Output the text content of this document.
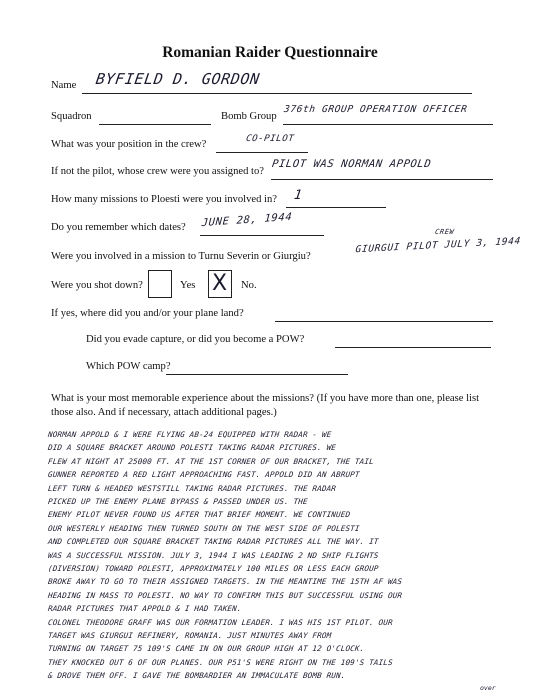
Romanian Raider Questionnaire
Name BYFIELD D. GORDON
Squadron	Bomb Group
376th GROUP OPERATION OFFICER
What was your position in the crew?	CO-PILOT
If not the pilot, whose crew were you assigned to?
PILOT WAS NORMAN APPOLD
How many missions to Ploesti were you involved in? 1
Do you remember which dates? JUNE 28, 1944
Were you involved in a mission to Turnu Severin or Giurgiu?
CREW
GIURGUI PILOT JULY 3, 1944
Were you shot down?	Yes X No.
If yes, where did you and/or your plane land?
Did you evade capture, or did you become a POW?
Which POW camp?
What is your most memorable experience about the missions? (If you have more than one, please list those also. And if necessary, attach additional pages.)
NORMAN APPOLD & I WERE FLYING AB-24 EQUIPPED WITH RADAR - WE
DID A SQUARE BRACKET AROUND POLESTI TAKING RADAR PICTURES. WE
FLEW AT NIGHT AT 25000 FT. AT THE 1ST CORNER OF OUR BRACKET, THE TAIL
GUNNER REPORTED A RED LIGHT APPROACHING FAST. APPOLD DID AN ABRUPT
LEFT TURN & HEADED WESTSTILL TAKING RADAR PICTURES. THE RADAR
PICKED UP THE ENEMY PLANE BYPASS & PASSED UNDER US. THE
ENEMY PILOT NEVER FOUND US AFTER THAT BRIEF MOMENT. WE CONTINUED
OUR WESTERLY HEADING THEN TURNED SOUTH ON THE WEST SIDE OF POLESTI
AND COMPLETED OUR SQUARE BRACKET TAKING RADAR PICTURES ALL THE WAY. IT
WAS A SUCCESSFUL MISSION. JULY 3, 1944 I WAS LEADING 2 ND SHIP FLIGHTS
(DIVERSION) TOWARD POLESTI, APPROXIMATELY 100 MILES OR LESS EACH GROUP
BROKE AWAY TO GO TO THEIR ASSIGNED TARGETS. IN THE MEANTIME THE 15TH AF WAS
HEADING IN MASS TO POLESTI. NO WAY TO CONFIRM THIS BUT SUCCESSFUL USING OUR
RADAR PICTURES THAT APPOLD & I HAD TAKEN.
COLONEL THEODORE GRAFF WAS OUR FORMATION LEADER. I WAS HIS 1ST PILOT. OUR
TARGET WAS GIURGUI REFINERY, ROMANIA. JUST MINUTES AWAY FROM
TURNING ON TARGET 75 109'S CAME IN ON OUR GROUP HIGH AT 12 O'CLOCK.
THEY KNOCKED OUT 6 OF OUR PLANES. OUR P51'S WERE RIGHT ON THE 109'S TAILS
& DROVE THEM OFF. I GAVE THE BOMBARDIER AN IMMACULATE BOMB RUN.
over
